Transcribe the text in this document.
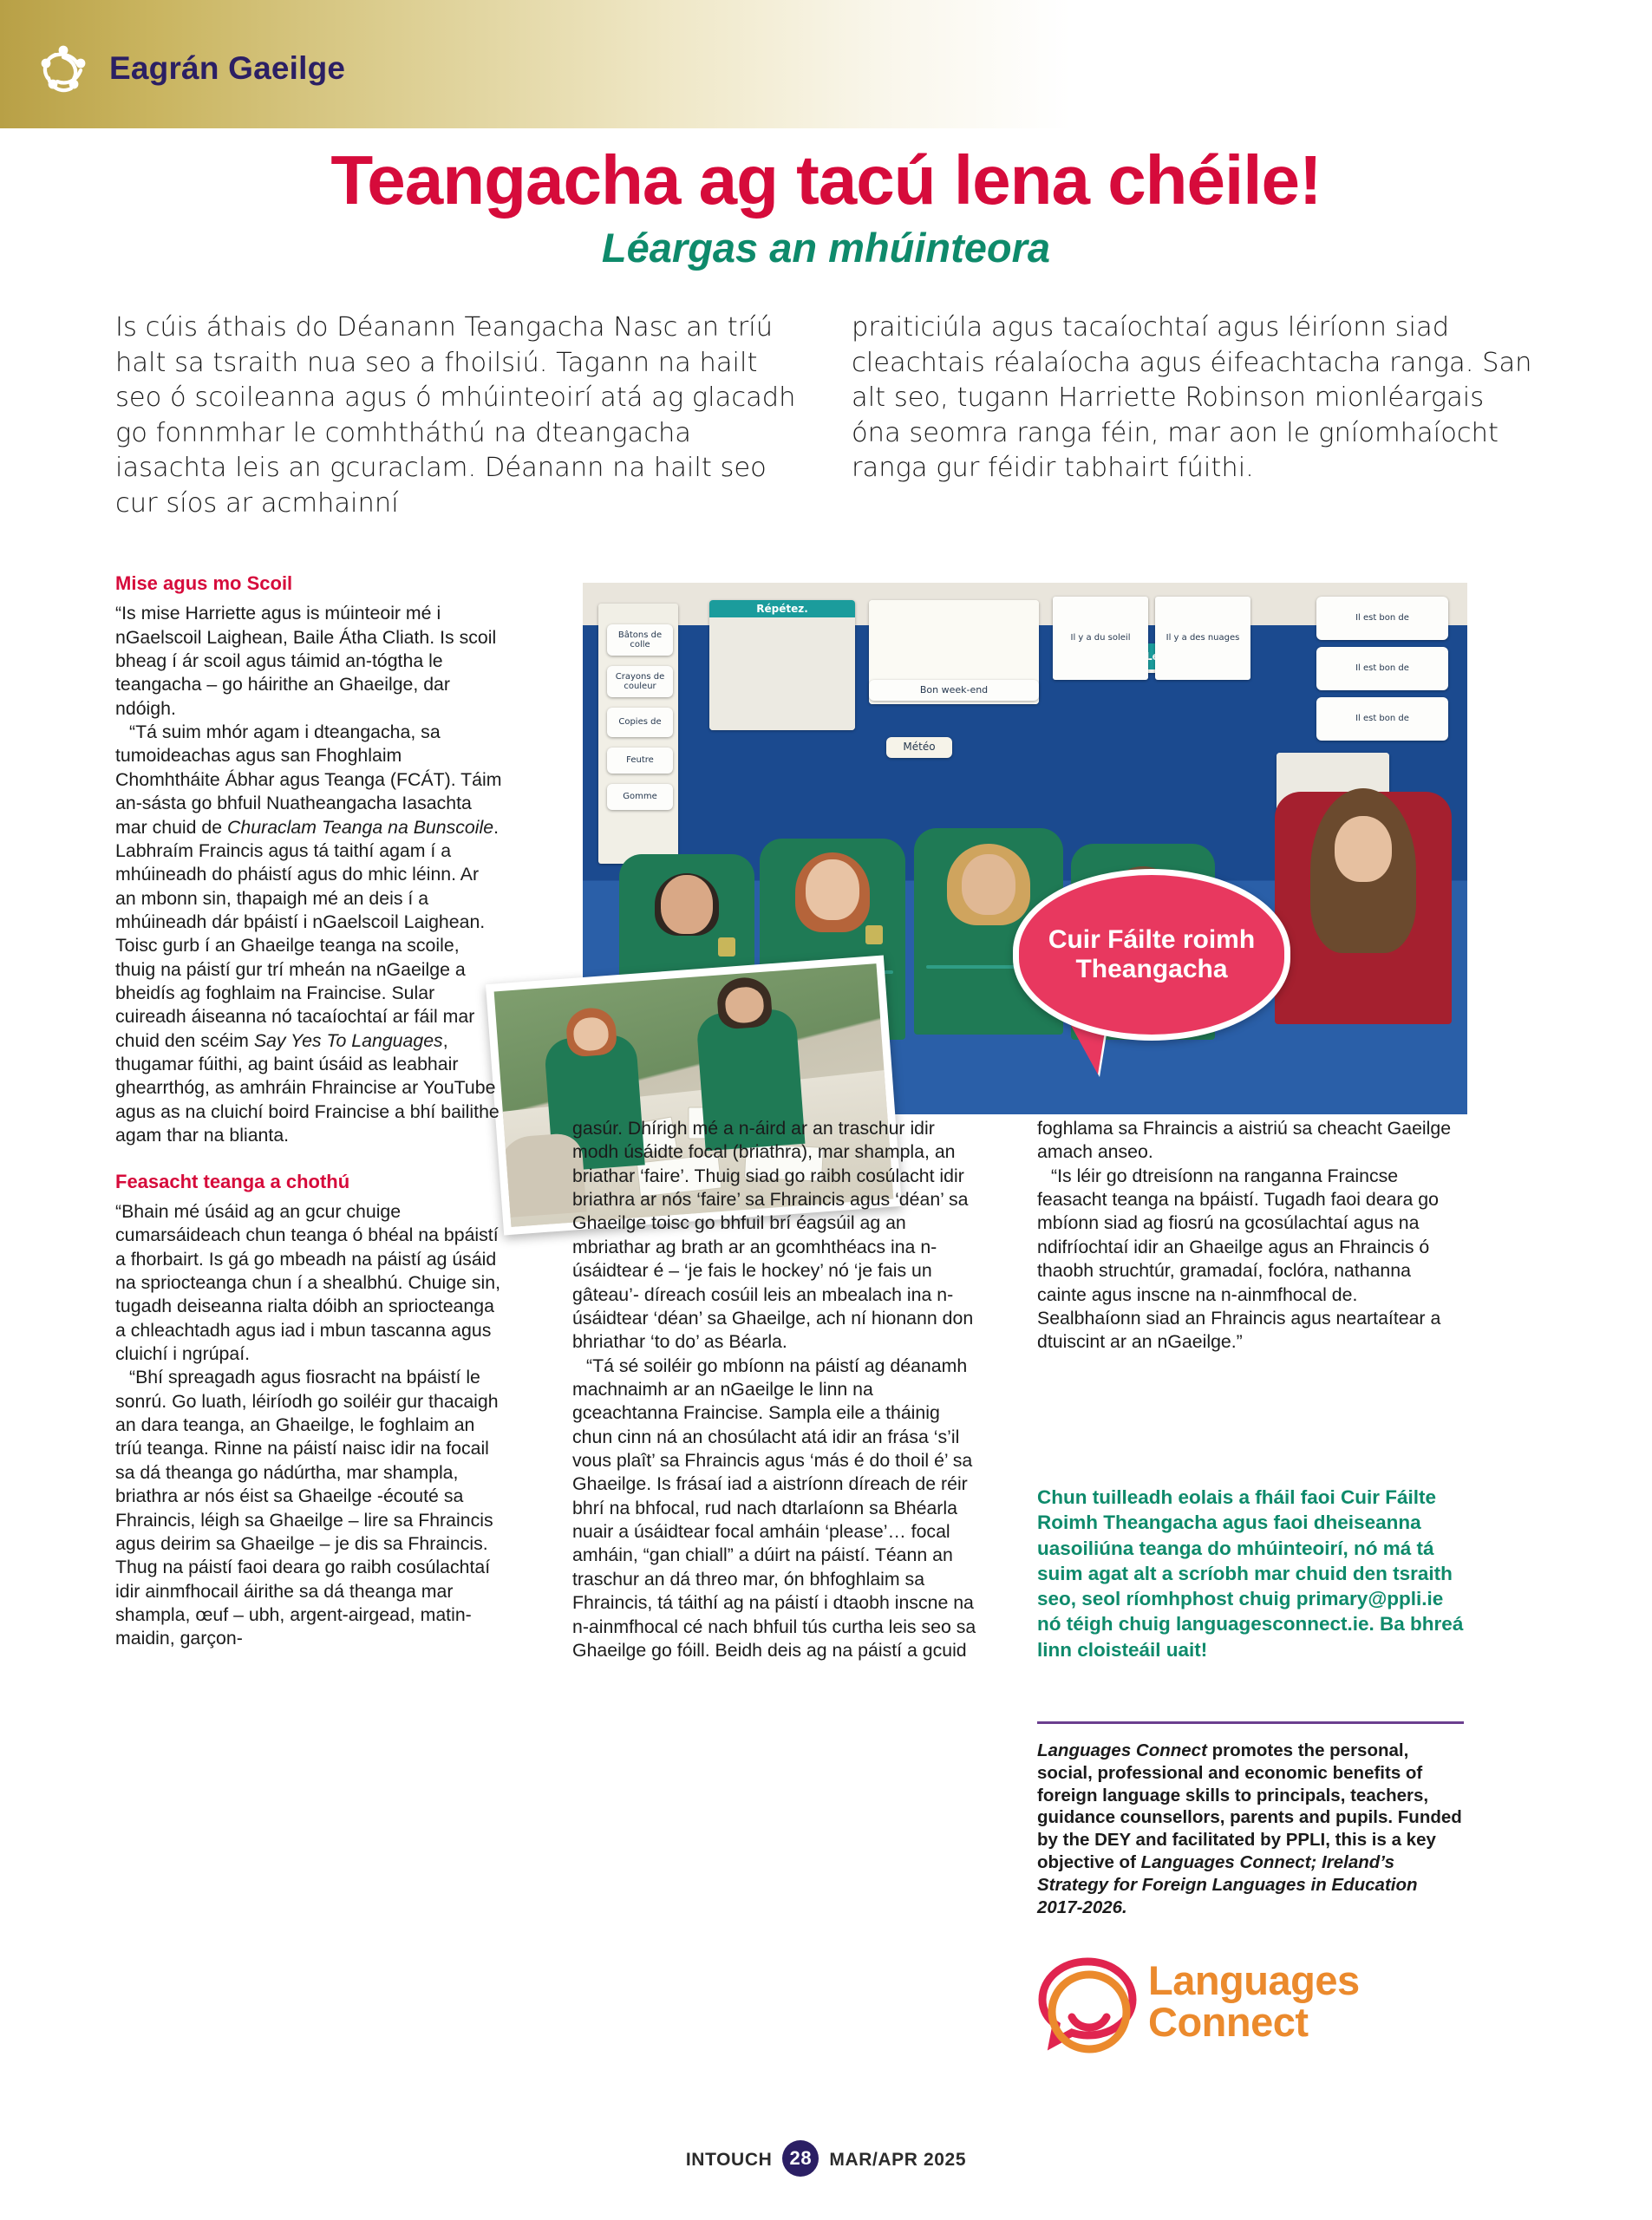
Eagrán Gaeilge
Teangacha ag tacú lena chéile!
Léargas an mhúinteora

Is cúis áthais do Déanann Teangacha Nasc an tríú halt sa tsraith nua seo a fhoilsiú. Tagann na hailt seo ó scoileanna agus ó mhúinteoirí atá ag glacadh go fonnmhar le comhtháthú na dteangacha iasachta leis an gcuraclam. Déanann na hailt seo cur síos ar acmhainní

praiticiúla agus tacaíochtaí agus léiríonn siad cleachtais réalaíocha agus éifeachtacha ranga. San alt seo, tugann Harriette Robinson mionléargais óna seomra ranga féin, mar aon le gníomhaíocht ranga gur féidir tabhairt fúithi.

Bâtons de colle
Crayons de couleur
Copies de
Feutre
Gomme
Répétez.
Bon week-end
Il y a du soleil	Il y a des nuages
Il est bon de
Il est bon de
Il est bon de
Météo
Cuir Fáilte roimh Theangacha
Mise agus mo Scoil

“Is mise Harriette agus is múinteoir mé i nGaelscoil Laighean, Baile Átha Cliath. Is scoil bheag í ár scoil agus táimid an-tógtha le teangacha – go háirithe an Ghaeilge, dar ndóigh.

“Tá suim mhór agam i dteangacha, sa tumoideachas agus san Fhoghlaim Chomhtháite Ábhar agus Teanga (FCÁT). Táim an-sásta go bhfuil Nuatheangacha Iasachta mar chuid de Churaclam Teanga na Bunscoile. Labhraím Fraincis agus tá taithí agam í a mhúineadh do pháistí agus do mhic léinn. Ar an mbonn sin, thapaigh mé an deis í a mhúineadh dár bpáistí i nGaelscoil Laighean. Toisc gurb í an Ghaeilge teanga na scoile, thuig na páistí gur trí mheán na nGaeilge a bheidís ag foghlaim na Fraincise. Sular cuireadh áiseanna nó tacaíochtaí ar fáil mar chuid den scéim Say Yes To Languages, thugamar fúithi, ag baint úsáid as leabhair ghearrthóg, as amhráin Fhraincise ar YouTube agus as na cluichí boird Fraincise a bhí bailithe agam thar na blianta.

Feasacht teanga a chothú

“Bhain mé úsáid ag an gcur chuige cumarsáideach chun teanga ó bhéal na bpáistí a fhorbairt. Is gá go mbeadh na páistí ag úsáid na spriocteanga chun í a shealbhú. Chuige sin, tugadh deiseanna rialta dóibh an spriocteanga a chleachtadh agus iad i mbun tascanna agus cluichí i ngrúpaí.

“Bhí spreagadh agus fiosracht na bpáistí le sonrú. Go luath, léiríodh go soiléir gur thacaigh an dara teanga, an Ghaeilge, le foghlaim an tríú teanga. Rinne na páistí naisc idir na focail sa dá theanga go nádúrtha, mar shampla, briathra ar nós éist sa Ghaeilge -écouté sa Fhraincis, léigh sa Ghaeilge – lire sa Fhraincis agus deirim sa Ghaeilge – je dis sa Fhraincis. Thug na páistí faoi deara go raibh cosúlachtaí idir ainmfhocail áirithe sa dá theanga mar shampla, œuf – ubh, argent-airgead, matin-maidin, garçon-

gasúr. Dhírigh mé a n-áird ar an traschur idir modh úsáidte focal (briathra), mar shampla, an briathar ‘faire’. Thuig siad go raibh cosúlacht idir briathra ar nós ‘faire’ sa Fhraincis agus ‘déan’ sa Ghaeilge toisc go bhfuil brí éagsúil ag an mbriathar ag brath ar an gcomhthéacs ina n-úsáidtear é – ‘je fais le hockey’ nó ‘je fais un gâteau’- díreach cosúil leis an mbealach ina n-úsáidtear ‘déan’ sa Ghaeilge, ach ní hionann don bhriathar ‘to do’ as Béarla.

“Tá sé soiléir go mbíonn na páistí ag déanamh machnaimh ar an nGaeilge le linn na gceachtanna Fraincise. Sampla eile a tháinig chun cinn ná an chosúlacht atá idir an frása ‘s’il vous plaît’ sa Fhraincis agus ‘más é do thoil é’ sa Ghaeilge. Is frásaí iad a aistríonn díreach de réir bhrí na bhfocal, rud nach dtarlaíonn sa Bhéarla nuair a úsáidtear focal amháin ‘please’… focal amháin, “gan chiall” a dúirt na páistí. Téann an traschur an dá threo mar, ón bhfoghlaim sa Fhraincis, tá táithí ag na páistí i dtaobh inscne na n-ainmfhocal cé nach bhfuil tús curtha leis seo sa Ghaeilge go fóill. Beidh deis ag na páistí a gcuid

foghlama sa Fhraincis a aistriú sa cheacht Gaeilge amach anseo.

“Is léir go dtreisíonn na ranganna Fraincse feasacht teanga na bpáistí. Tugadh faoi deara go mbíonn siad ag fiosrú na gcosúlachtaí agus na ndifríochtaí idir an Ghaeilge agus an Fhraincis ó thaobh struchtúr, gramadaí, foclóra, nathanna cainte agus inscne na n-ainmfhocal de. Sealbhaíonn siad an Fhraincis agus neartaítear a dtuiscint ar an nGaeilge.”

Chun tuilleadh eolais a fháil faoi Cuir Fáilte Roimh Theangacha agus faoi dheiseanna uasoiliúna teanga do mhúinteoirí, nó má tá suim agat alt a scríobh mar chuid den tsraith seo, seol ríomhphost chuig primary@ppli.ie nó téigh chuig languagesconnect.ie. Ba bhreá linn cloisteáil uait!
Languages Connect promotes the personal, social, professional and economic benefits of foreign language skills to principals, teachers, guidance counsellors, parents and pupils. Funded by the DEY and facilitated by PPLI, this is a key objective of Languages Connect; Ireland’s Strategy for Foreign Languages in Education 2017-2026.
Languages
Connect
INTOUCH 28 MAR/APR 2025
